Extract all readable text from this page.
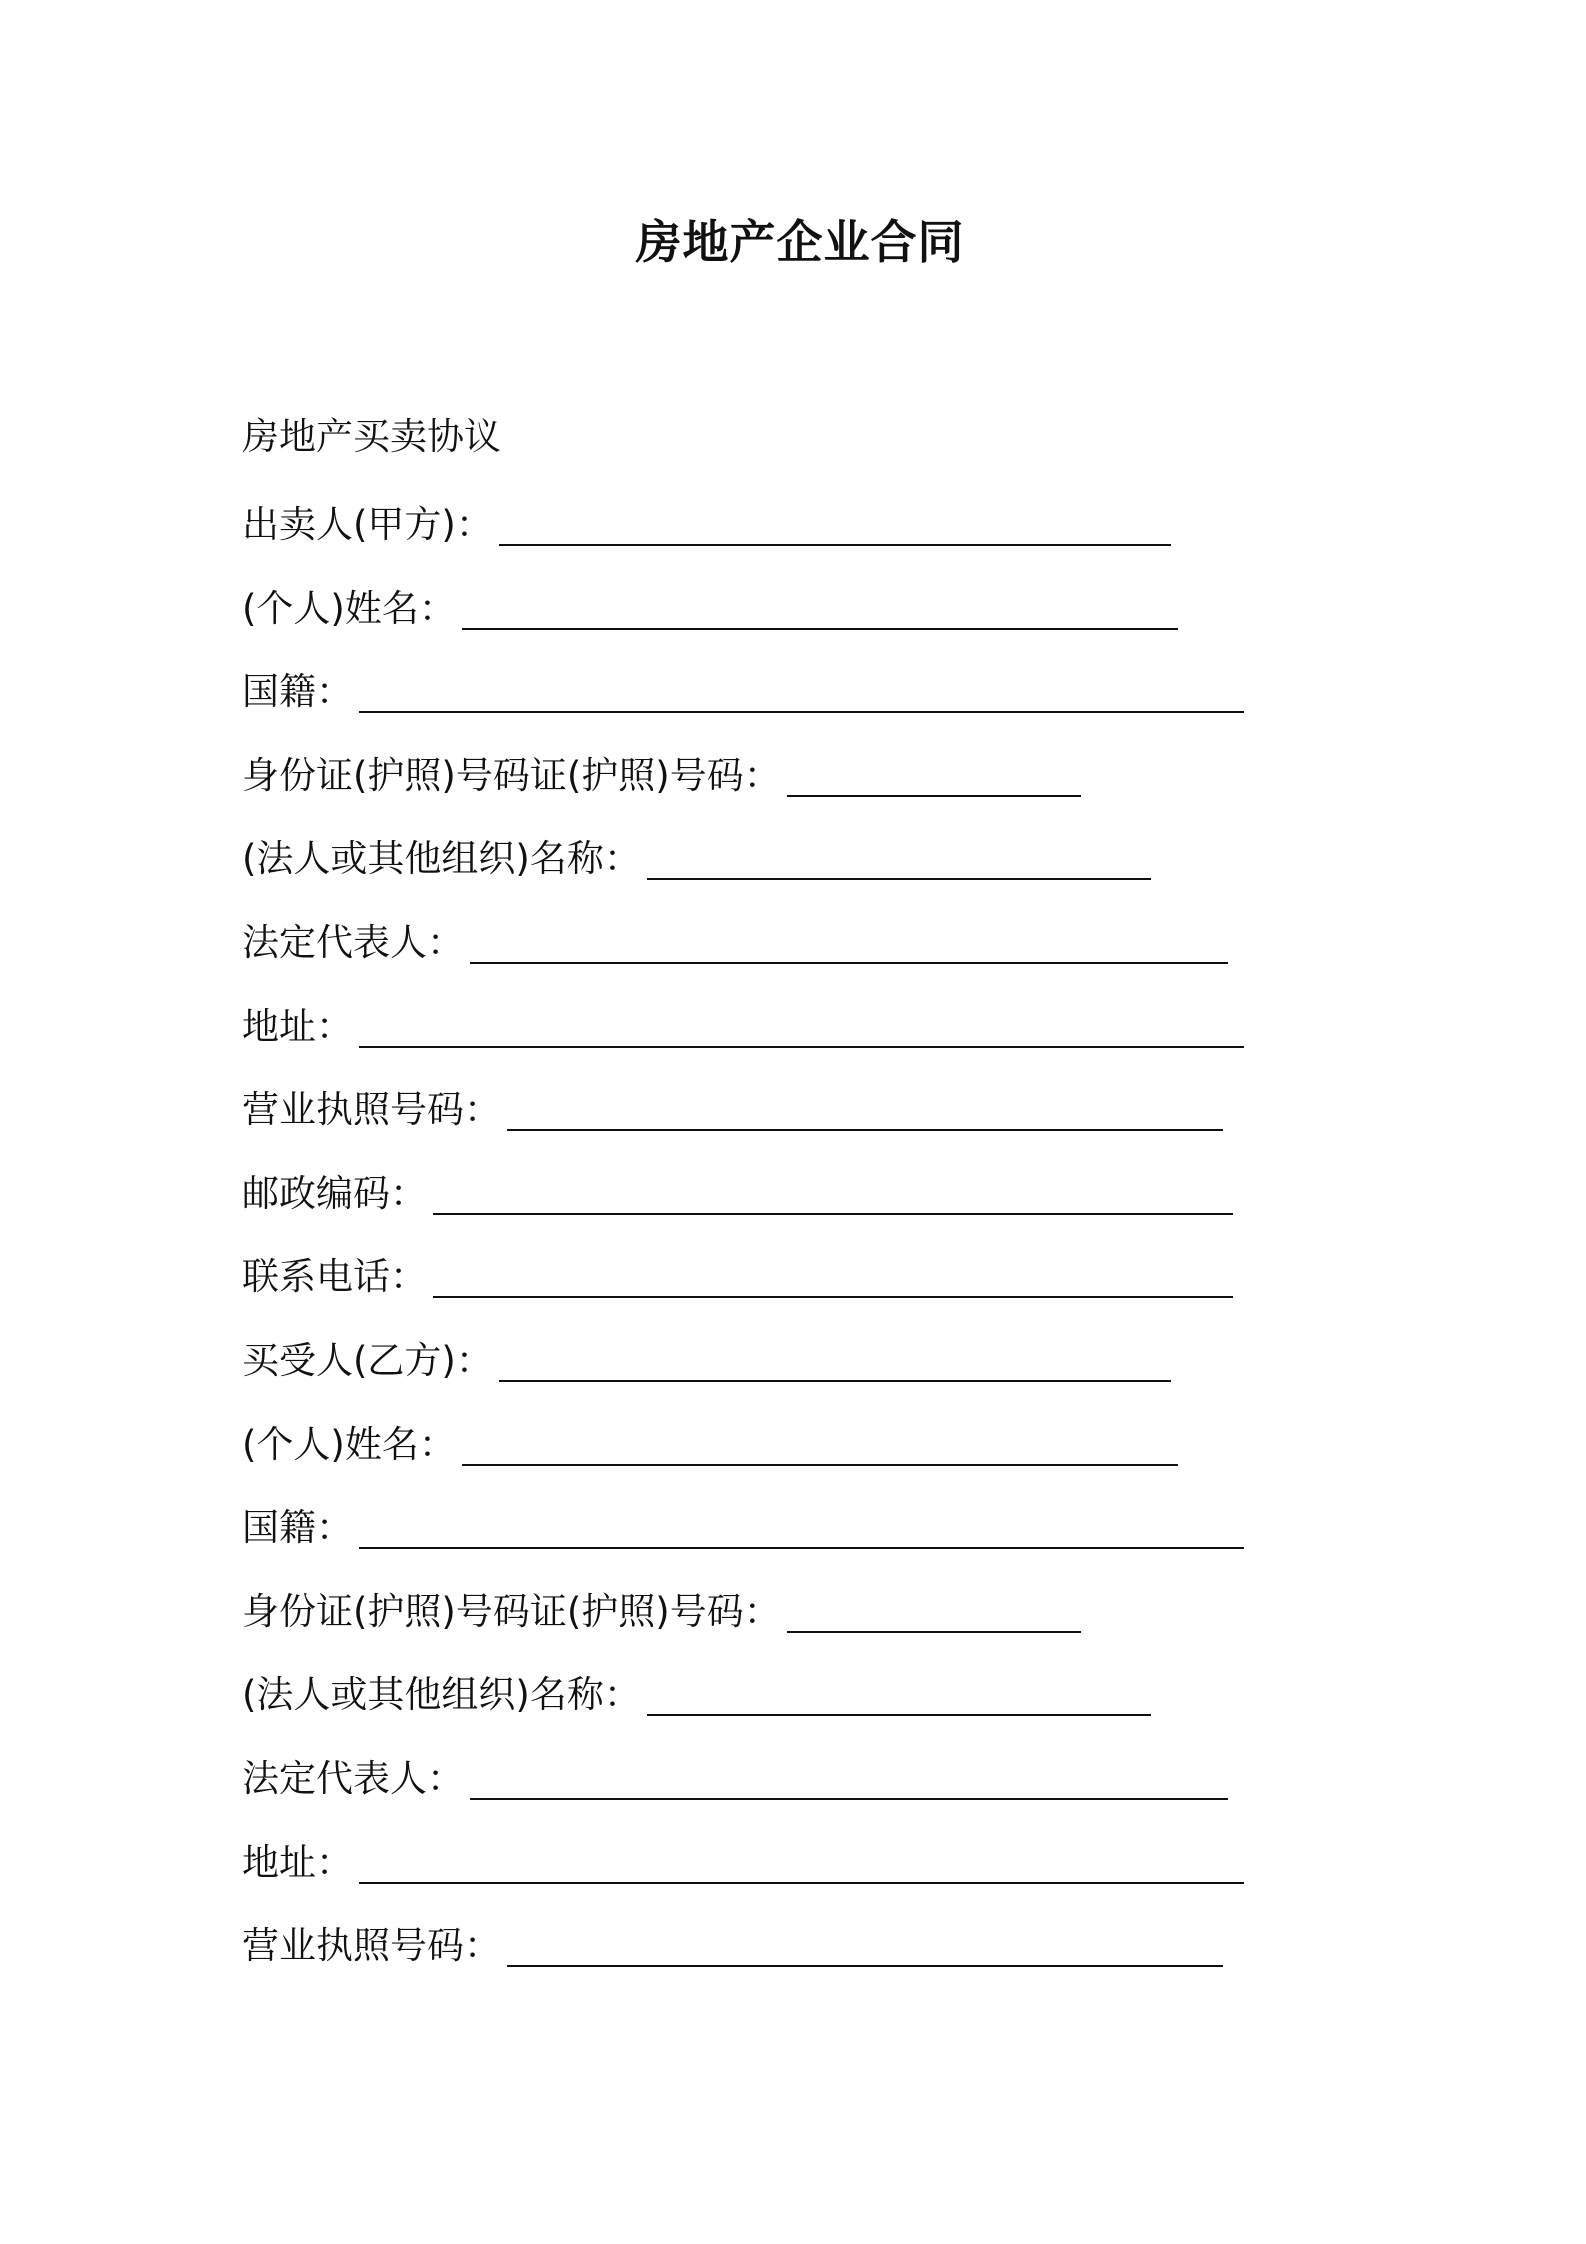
房地产企业合同
房地产买卖协议
出卖人(甲方)：
(个人)姓名：
国籍：
身份证(护照)号码证(护照)号码：
(法人或其他组织)名称：
法定代表人：
地址：
营业执照号码：
邮政编码：
联系电话：
买受人(乙方)：
(个人)姓名：
国籍：
身份证(护照)号码证(护照)号码：
(法人或其他组织)名称：
法定代表人：
地址：
营业执照号码：
